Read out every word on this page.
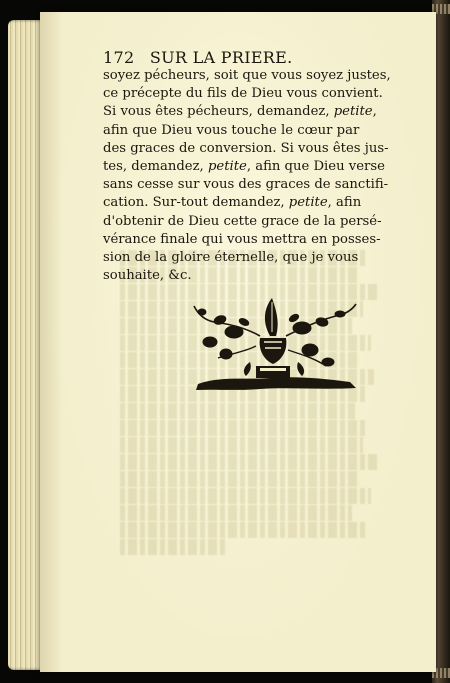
172 SUR LA PRIERE.
soyez pécheurs, soit que vous soyez justes,
ce précepte du fils de Dieu vous convient.
Si vous êtes pécheurs, demandez, petite,
afin que Dieu vous touche le cœur par
des graces de conversion. Si vous êtes jus-
tes, demandez, petite, afin que Dieu verse
sans cesse sur vous des graces de sanctifi-
cation. Sur-tout demandez, petite, afin
d'obtenir de Dieu cette grace de la persé-
vérance finale qui vous mettra en posses-
sion de la gloire éternelle, que je vous
souhaite, &c.
